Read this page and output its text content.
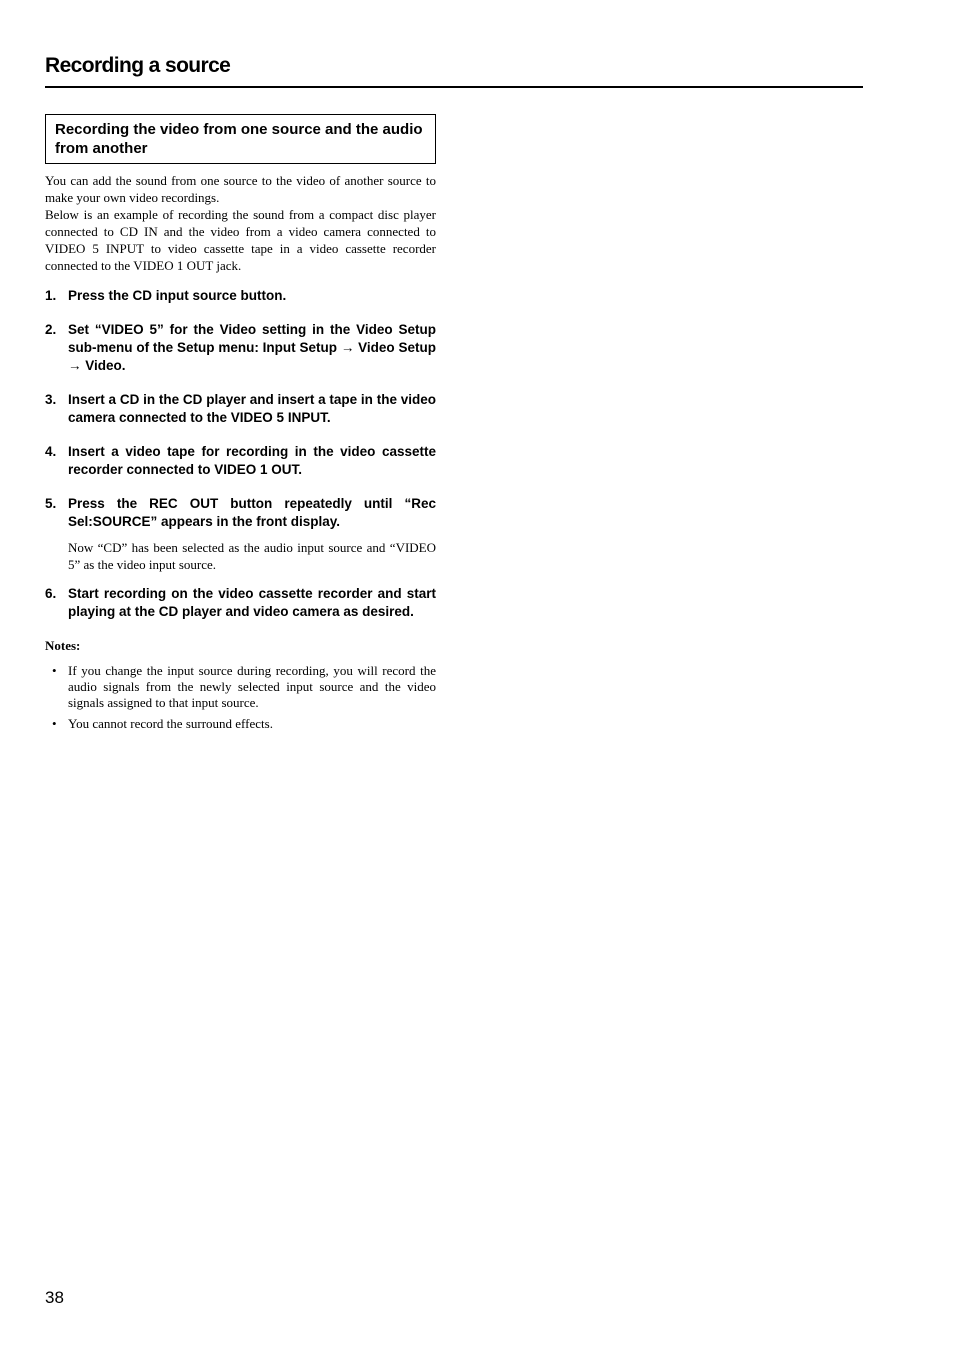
Recording a source
Recording the video from one source and the audio from another

You can add the sound from one source to the video of another source to make your own video recordings.
Below is an example of recording the sound from a compact disc player connected to CD IN and the video from a video camera connected to VIDEO 5 INPUT to video cassette tape in a video cassette recorder connected to the VIDEO 1 OUT jack.

1. Press the CD input source button.

2. Set “VIDEO 5” for the Video setting in the Video Setup sub-menu of the Setup menu: Input Setup → Video Setup → Video.

3. Insert a CD in the CD player and insert a tape in the video camera connected to the VIDEO 5 INPUT.

4. Insert a video tape for recording in the video cassette recorder connected to VIDEO 1 OUT.

5. Press the REC OUT button repeatedly until “Rec Sel:SOURCE” appears in the front display.

Now “CD” has been selected as the audio input source and “VIDEO 5” as the video input source.

6. Start recording on the video cassette recorder and start playing at the CD player and video camera as desired.

Notes:

• If you change the input source during recording, you will record the audio signals from the newly selected input source and the video signals assigned to that input source.
• You cannot record the surround effects.
38
